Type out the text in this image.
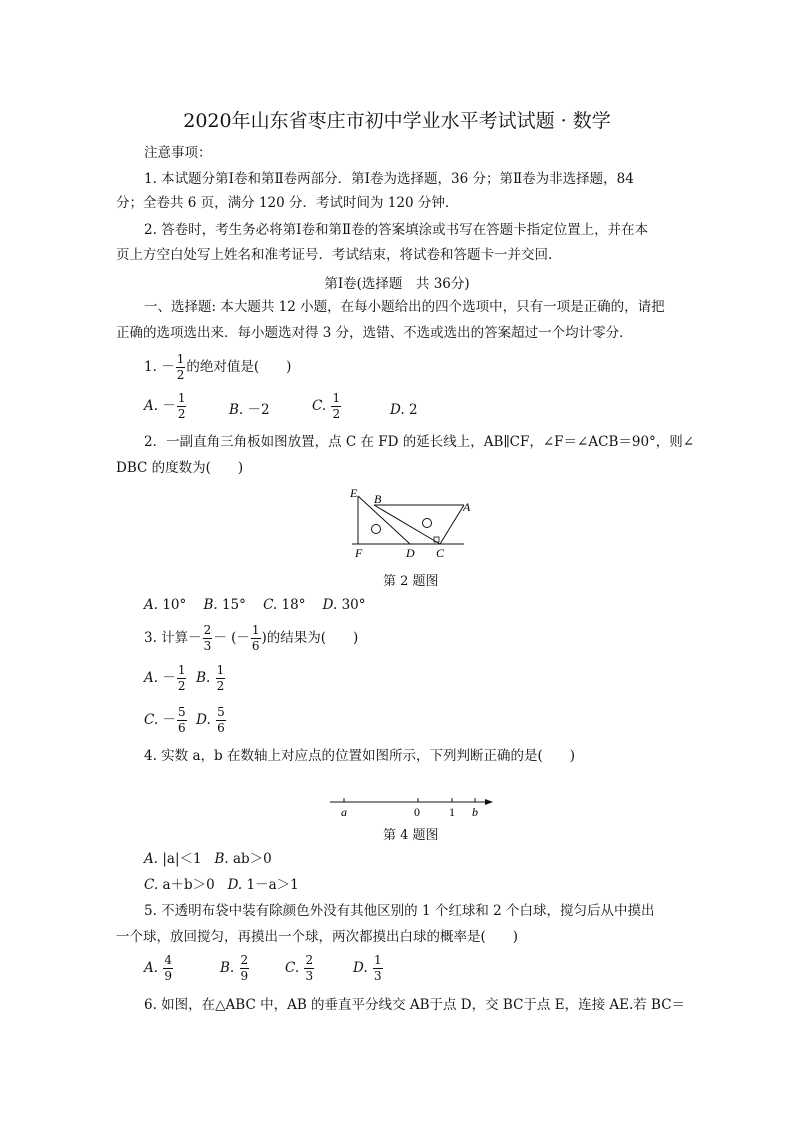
2020年山东省枣庄市初中学业水平考试试题 · 数学
注意事项：
1. 本试题分第Ⅰ卷和第Ⅱ卷两部分．第Ⅰ卷为选择题，36 分；第Ⅱ卷为非选择题，84
分；全卷共 6 页，满分 120 分．考试时间为 120 分钟．
2. 答卷时，考生务必将第Ⅰ卷和第Ⅱ卷的答案填涂或书写在答题卡指定位置上，并在本
页上方空白处写上姓名和准考证号．考试结束，将试卷和答题卡一并交回.
第Ⅰ卷(选择题　共 36分)
一、选择题: 本大题共 12 小题，在每小题给出的四个选项中，只有一项是正确的，请把
正确的选项选出来．每小题选对得 3 分，选错、不选或选出的答案超过一个均计零分．
1. － $\frac{1}{2}$ 的绝对值是(　　)
A. － $\frac{1}{2}$	B. －2	C. $\frac{1}{2}$	D. 2
2．一副直角三角板如图放置，点 C 在 FD 的延长线上，AB∥CF，∠F＝∠ACB＝90°，则∠
DBC 的度数为(　　)
E B
A
F	D C
第 2 题图
A. 10° B. 15° C. 18° D. 30°
3. 计算－ $\frac{2}{3}$ － (－ $\frac{1}{6}$ )的结果为(　　)
A. － $\frac{1}{2} B$. $\frac{1}{2}$
C. － $\frac{5}{6} D$. $\frac{5}{6}$
4. 实数 a，b 在数轴上对应点的位置如图所示，下列判断正确的是(　　)
a	0 1 b
第 4 题图
A. |a|＜1 B. ab＞0
C. a＋b＞0 D. 1－a＞1
5. 不透明布袋中装有除颜色外没有其他区别的 1 个红球和 2 个白球，搅匀后从中摸出
一个球，放回搅匀，再摸出一个球，两次都摸出白球的概率是(　　)
A. $\frac{4}{9}$	B. $\frac{2}{9}$	C. $\frac{2}{3}$	D. $\frac{1}{3}$
6. 如图，在△ABC 中，AB 的垂直平分线交 AB于点 D，交 BC于点 E，连接 AE.若 BC＝
